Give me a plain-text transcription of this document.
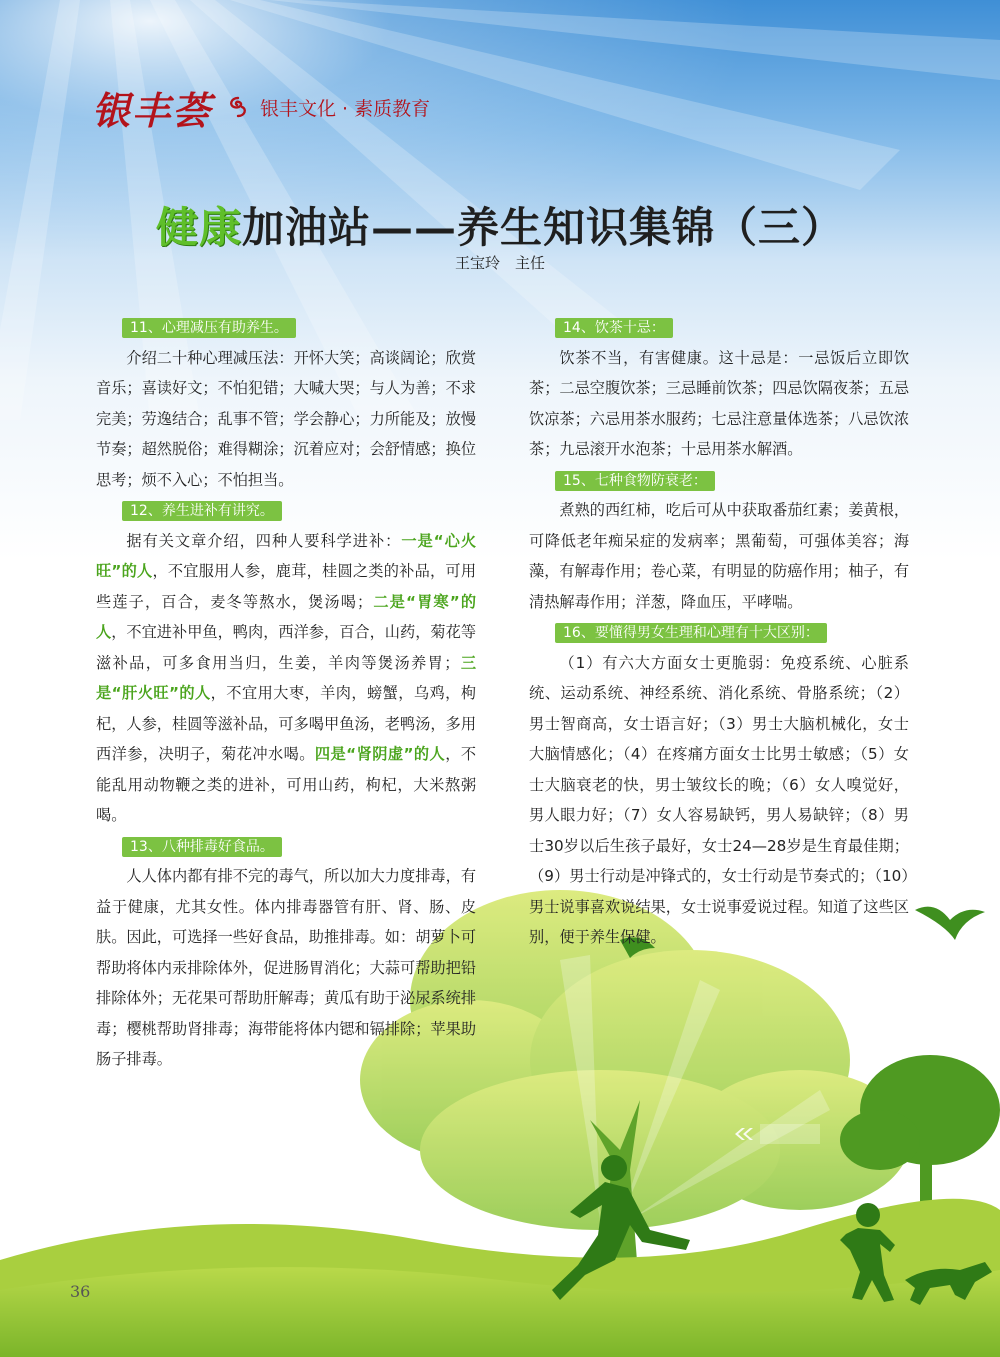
银丰荟	银丰文化 · 素质教育
健康加油站——养生知识集锦（三）
王宝玲　主任
11、心理减压有助养生。

介绍二十种心理减压法：开怀大笑；高谈阔论；欣赏音乐；喜读好文；不怕犯错；大喊大哭；与人为善；不求完美；劳逸结合；乱事不管；学会静心；力所能及；放慢节奏；超然脱俗；难得糊涂；沉着应对；会舒情感；换位思考；烦不入心；不怕担当。

12、养生进补有讲究。

据有关文章介绍，四种人要科学进补：一是“心火旺”的人，不宜服用人参，鹿茸，桂圆之类的补品，可用些莲子，百合，麦冬等熬水，煲汤喝；二是“胃寒”的人，不宜进补甲鱼，鸭肉，西洋参，百合，山药，菊花等滋补品，可多食用当归，生姜，羊肉等煲汤养胃；三是“肝火旺”的人，不宜用大枣，羊肉，螃蟹，乌鸡，枸杞，人参，桂圆等滋补品，可多喝甲鱼汤，老鸭汤，多用西洋参，决明子，菊花冲水喝。四是“肾阴虚”的人，不能乱用动物鞭之类的进补，可用山药，枸杞，大米熬粥喝。

13、八种排毒好食品。

人人体内都有排不完的毒气，所以加大力度排毒，有益于健康，尤其女性。体内排毒器管有肝、肾、肠、皮肤。因此，可选择一些好食品，助推排毒。如：胡萝卜可帮助将体内汞排除体外，促进肠胃消化；大蒜可帮助把铅排除体外；无花果可帮助肝解毒；黄瓜有助于泌尿系统排毒；樱桃帮助肾排毒；海带能将体内锶和镉排除；苹果助肠子排毒。

14、饮茶十忌：

饮茶不当，有害健康。这十忌是：一忌饭后立即饮茶；二忌空腹饮茶；三忌睡前饮茶；四忌饮隔夜茶；五忌饮凉茶；六忌用茶水服药；七忌注意量体选茶；八忌饮浓茶；九忌滚开水泡茶；十忌用茶水解酒。

15、七种食物防衰老：

煮熟的西红柿，吃后可从中获取番茄红素；姜黄根，可降低老年痴呆症的发病率；黑葡萄，可强体美容；海藻，有解毒作用；卷心菜，有明显的防癌作用；柚子，有清热解毒作用；洋葱，降血压，平哮喘。

16、要懂得男女生理和心理有十大区别：

（1）有六大方面女士更脆弱：免疫系统、心脏系统、运动系统、神经系统、消化系统、骨胳系统；（2）男士智商高，女士语言好；（3）男士大脑机械化，女士大脑情感化；（4）在疼痛方面女士比男士敏感；（5）女士大脑衰老的快，男士皱纹长的晚；（6）女人嗅觉好，男人眼力好；（7）女人容易缺钙，男人易缺锌；（8）男士30岁以后生孩子最好，女士24—28岁是生育最佳期；（9）男士行动是冲锋式的，女士行动是节奏式的；（10）男士说事喜欢说结果，女士说事爱说过程。知道了这些区别，便于养生保健。

36
